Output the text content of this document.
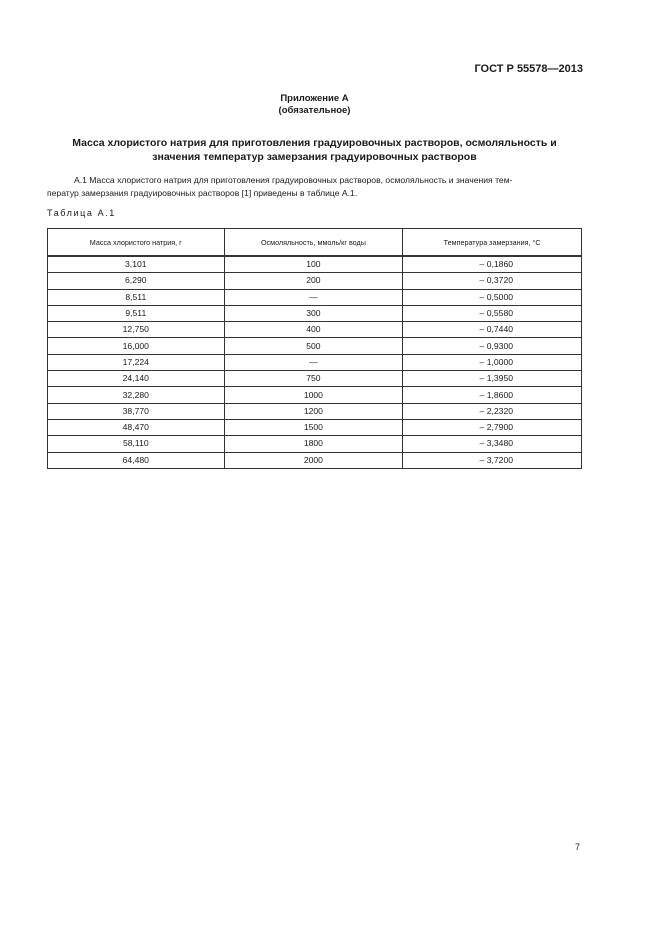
ГОСТ Р 55578—2013
Приложение А
(обязательное)
Масса хлористого натрия для приготовления градуировочных растворов, осмоляльность и
значения температур замерзания градуировочных растворов
А.1 Масса хлористого натрия для приготовления градуировочных растворов, осмоляльность и значения тем-
ператур замерзания градуировочных растворов [1] приведены в таблице А.1.
Таблица А.1
Масса хлористого натрия, г	Осмоляльность, ммоль/кг воды	Температура замерзания, °С
3,101	100	– 0,1860
6,290	200	– 0,3720
8,511	—	– 0,5000
9,511	300	– 0,5580
12,750	400	– 0,7440
16,000	500	– 0,9300
17,224	—	– 1,0000
24,140	750	– 1,3950
32,280	1000	– 1,8600
38,770	1200	– 2,2320
48,470	1500	– 2,7900
58,110	1800	– 3,3480
64,480	2000	– 3,7200
7
